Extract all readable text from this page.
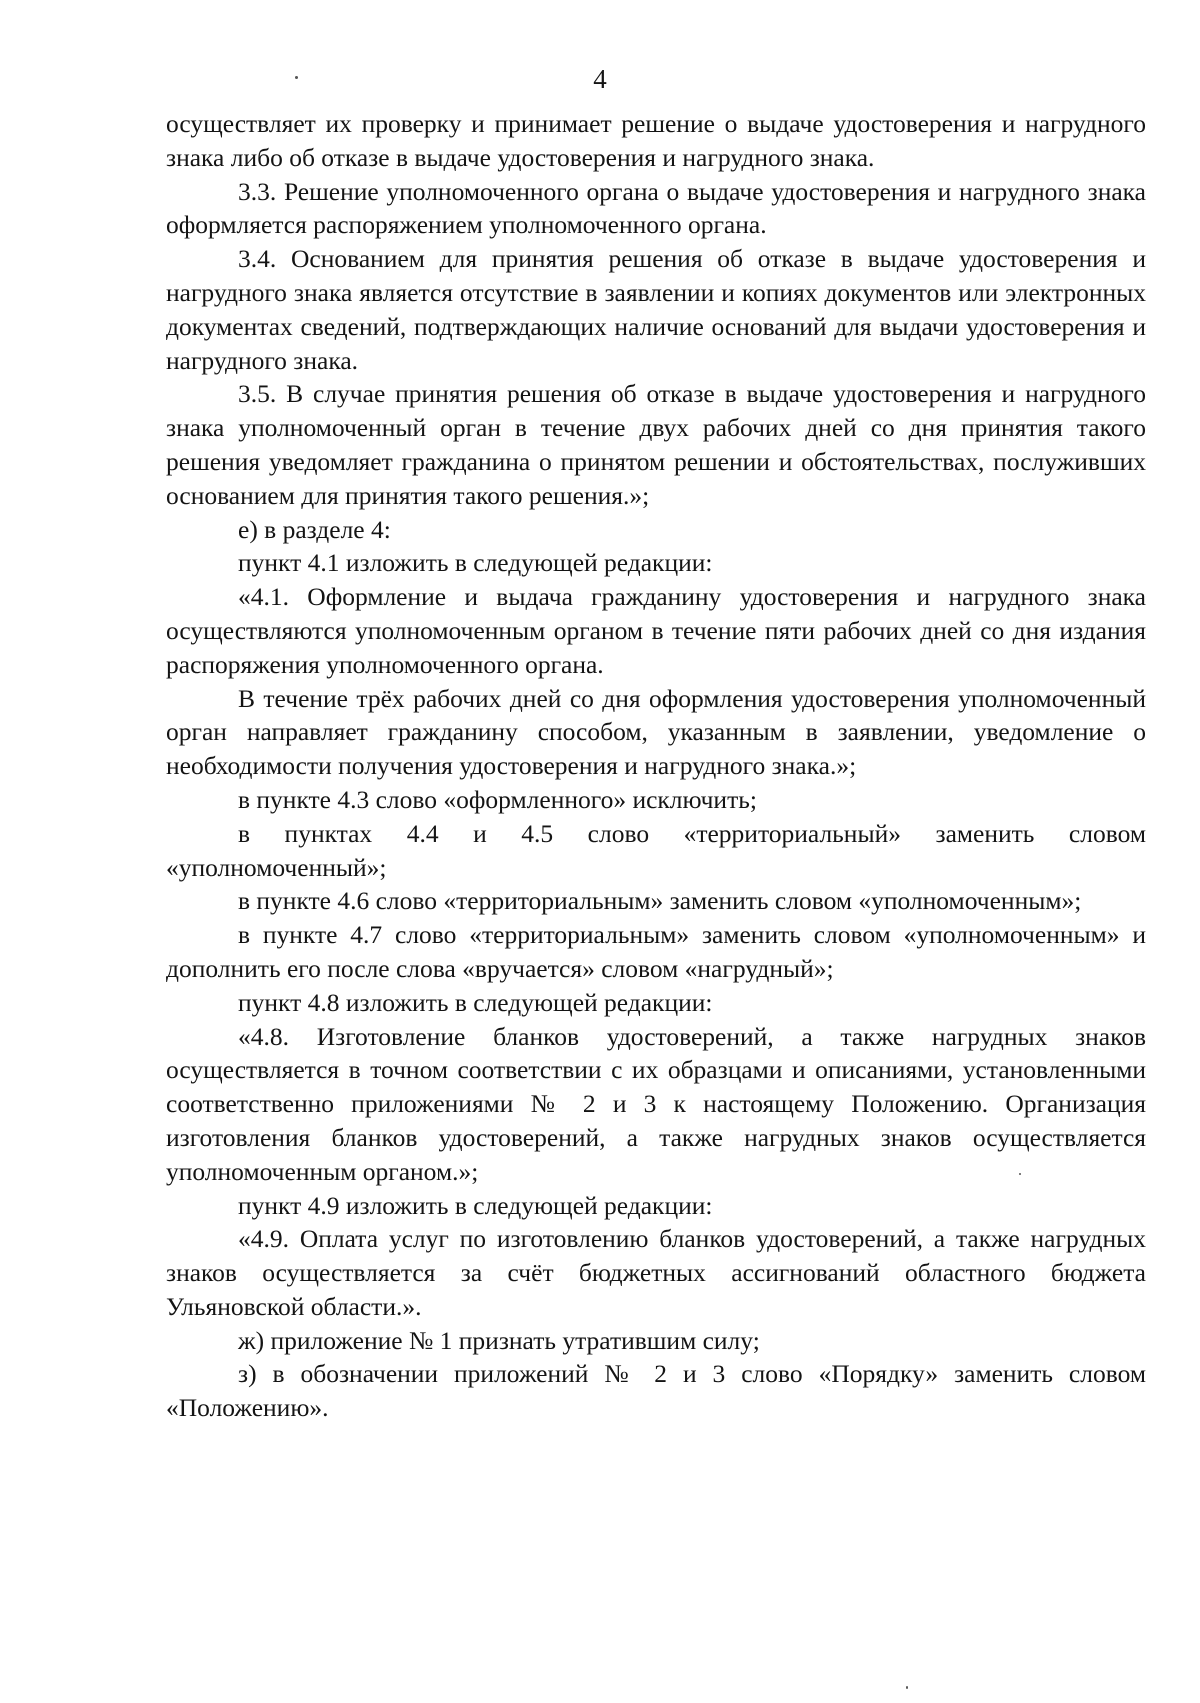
4

осуществляет их проверку и принимает решение о выдаче удостоверения и нагрудного знака либо об отказе в выдаче удостоверения и нагрудного знака.

3.3. Решение уполномоченного органа о выдаче удостоверения и нагрудного знака оформляется распоряжением уполномоченного органа.

3.4. Основанием для принятия решения об отказе в выдаче удостоверения и нагрудного знака является отсутствие в заявлении и копиях документов или электронных документах сведений, подтверждающих наличие оснований для выдачи удостоверения и нагрудного знака.

3.5. В случае принятия решения об отказе в выдаче удостоверения и нагрудного знака уполномоченный орган в течение двух рабочих дней со дня принятия такого решения уведомляет гражданина о принятом решении и обстоятельствах, послуживших основанием для принятия такого решения.»;

е) в разделе 4:

пункт 4.1 изложить в следующей редакции:

«4.1. Оформление и выдача гражданину удостоверения и нагрудного знака осуществляются уполномоченным органом в течение пяти рабочих дней со дня издания распоряжения уполномоченного органа.

В течение трёх рабочих дней со дня оформления удостоверения уполномоченный орган направляет гражданину способом, указанным в заявлении, уведомление о необходимости получения удостоверения и нагрудного знака.»;

в пункте 4.3 слово «оформленного» исключить;

в пунктах 4.4 и 4.5 слово «территориальный» заменить словом «уполномоченный»;

в пункте 4.6 слово «территориальным» заменить словом «уполномоченным»;

в пункте 4.7 слово «территориальным» заменить словом «уполномоченным» и дополнить его после слова «вручается» словом «нагрудный»;

пункт 4.8 изложить в следующей редакции:

«4.8. Изготовление бланков удостоверений, а также нагрудных знаков осуществляется в точном соответствии с их образцами и описаниями, установленными соответственно приложениями № 2 и 3 к настоящему Положению. Организация изготовления бланков удостоверений, а также нагрудных знаков осуществляется уполномоченным органом.»;

пункт 4.9 изложить в следующей редакции:

«4.9. Оплата услуг по изготовлению бланков удостоверений, а также нагрудных знаков осуществляется за счёт бюджетных ассигнований областного бюджета Ульяновской области.».

ж) приложение № 1 признать утратившим силу;

з) в обозначении приложений № 2 и 3 слово «Порядку» заменить словом «Положению».
